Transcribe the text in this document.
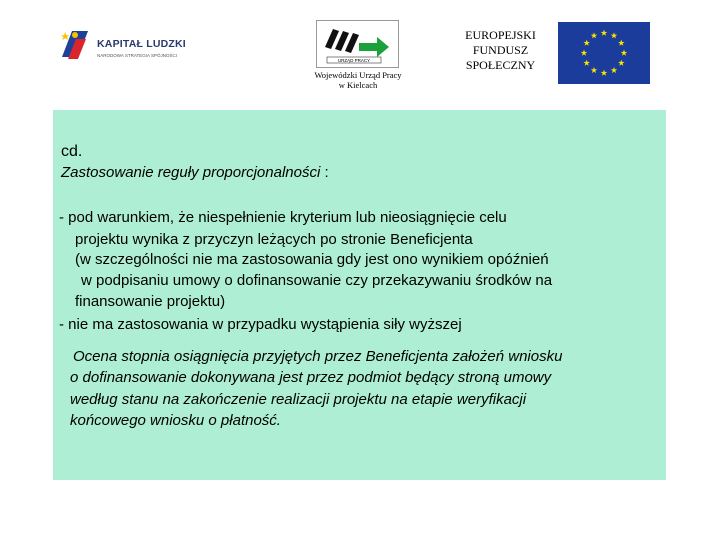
KAPITAŁ LUDZKI
NARODOWA STRATEGIA SPÓJNOŚCI
URZĄD PRACY
Wojewódzki Urząd Pracy
w Kielcach
EUROPEJSKI
FUNDUSZ
SPOŁECZNY
cd.
Zastosowanie reguły proporcjonalności :
- pod warunkiem, że niespełnienie kryterium lub nieosiągnięcie celu
projektu wynika z przyczyn leżących po stronie Beneficjenta
(w szczególności nie ma zastosowania gdy jest ono wynikiem opóźnień
w podpisaniu umowy o dofinansowanie czy przekazywaniu środków na
finansowanie projektu)
- nie ma zastosowania w przypadku wystąpienia siły wyższej
Ocena stopnia osiągnięcia przyjętych przez Beneficjenta założeń wniosku
o dofinansowanie dokonywana jest przez podmiot będący stroną umowy
według stanu na zakończenie realizacji projektu na etapie weryfikacji
końcowego wniosku o płatność.
